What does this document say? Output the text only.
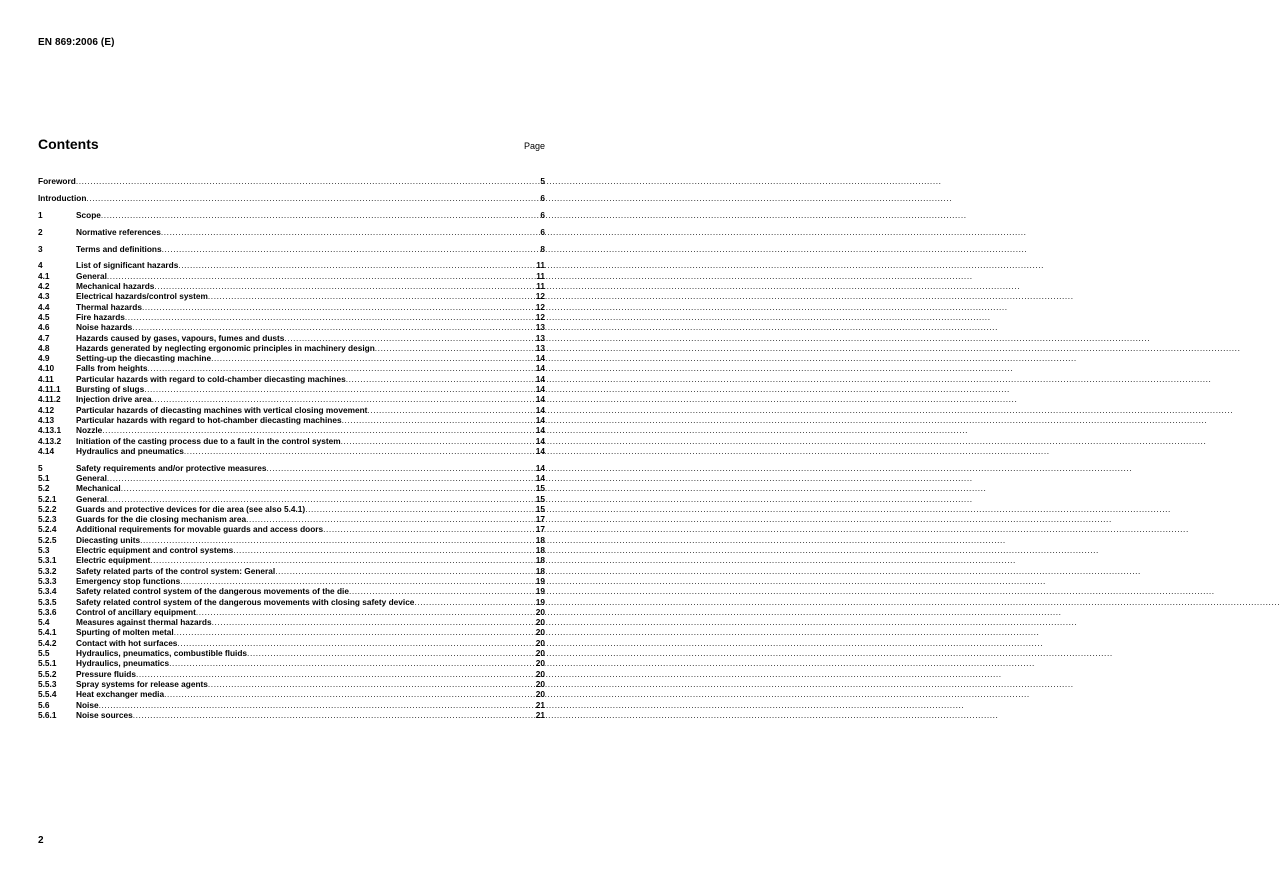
EN 869:2006 (E)
Contents	Page
Foreword .....	5
Introduction .....	6
1	Scope .....	6
2	Normative references .....	6
3	Terms and definitions .....	8
4	List of significant hazards .....	11
4.1	General .....	11
4.2	Mechanical hazards .....	11
4.3	Electrical hazards/control system .....	12
4.4	Thermal hazards .....	12
4.5	Fire hazards .....	12
4.6	Noise hazards .....	13
4.7	Hazards caused by gases, vapours, fumes and dusts .....	13
4.8	Hazards generated by neglecting ergonomic principles in machinery design .....	13
4.9	Setting-up the diecasting machine .....	14
4.10	Falls from heights .....	14
4.11	Particular hazards with regard to cold-chamber diecasting machines .....	14
4.11.1	Bursting of slugs .....	14
4.11.2	Injection drive area .....	14
4.12	Particular hazards of diecasting machines with vertical closing movement .....	14
4.13	Particular hazards with regard to hot-chamber diecasting machines .....	14
4.13.1	Nozzle .....	14
4.13.2	Initiation of the casting process due to a fault in the control system .....	14
4.14	Hydraulics and pneumatics .....	14
5	Safety requirements and/or protective measures .....	14
5.1	General .....	14
5.2	Mechanical .....	15
5.2.1	General .....	15
5.2.2	Guards and protective devices for die area (see also 5.4.1) .....	15
5.2.3	Guards for the die closing mechanism area .....	17
5.2.4	Additional requirements for movable guards and access doors .....	17
5.2.5	Diecasting units .....	18
5.3	Electric equipment and control systems .....	18
5.3.1	Electric equipment .....	18
5.3.2	Safety related parts of the control system: General .....	18
5.3.3	Emergency stop functions .....	19
5.3.4	Safety related control system of the dangerous movements of the die .....	19
5.3.5	Safety related control system of the dangerous movements with closing safety device .....	19
5.3.6	Control of ancillary equipment .....	20
5.4	Measures against thermal hazards .....	20
5.4.1	Spurting of molten metal .....	20
5.4.2	Contact with hot surfaces .....	20
5.5	Hydraulics, pneumatics, combustible fluids .....	20
5.5.1	Hydraulics, pneumatics .....	20
5.5.2	Pressure fluids .....	20
5.5.3	Spray systems for release agents .....	20
5.5.4	Heat exchanger media .....	20
5.6	Noise .....	21
5.6.1	Noise sources .....	21
2
